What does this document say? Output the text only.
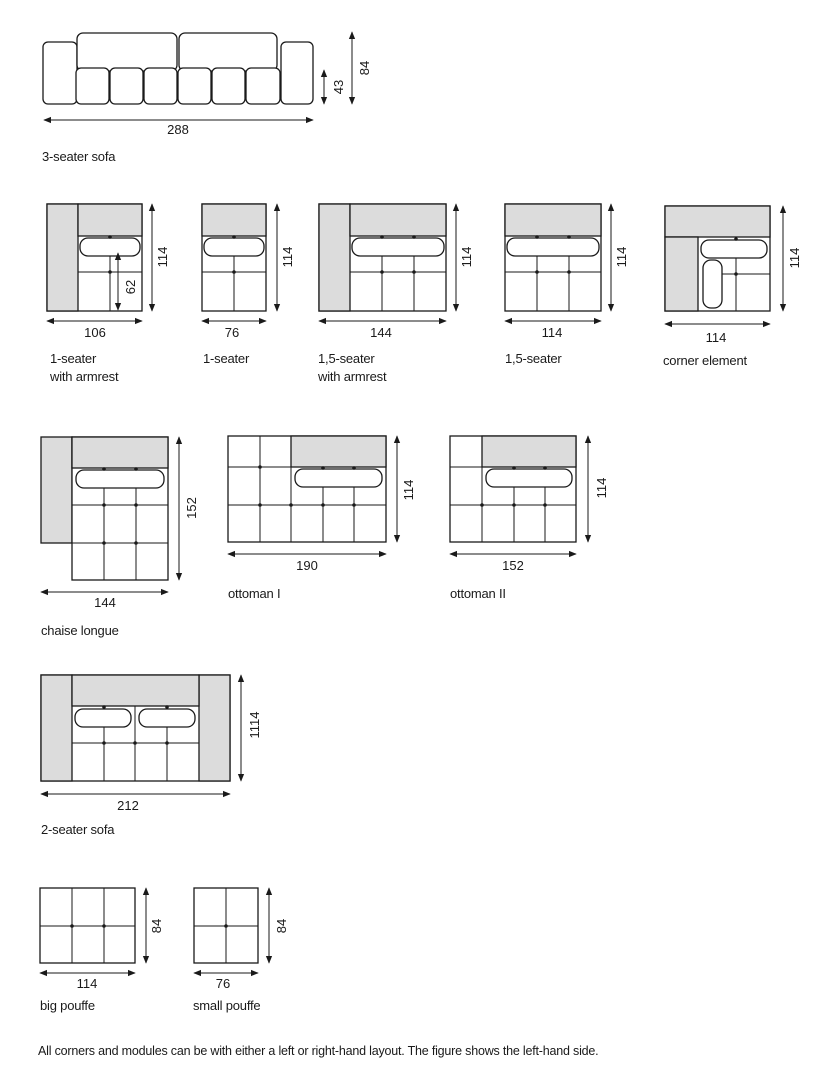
288
43
84
3-seater sofa
62
114
106
1-seater
with armrest
114
76
1-seater
114
144
1,5-seater
with armrest
114
114
1,5-seater
114
114
corner element
152
144
chaise longue
114
190
ottoman I
114
152
ottoman II
1114
212
2-seater sofa
84
114
big pouffe
84
76
small pouffe
All corners and modules can be with either a left or right-hand layout. The figure shows the left-hand side.
